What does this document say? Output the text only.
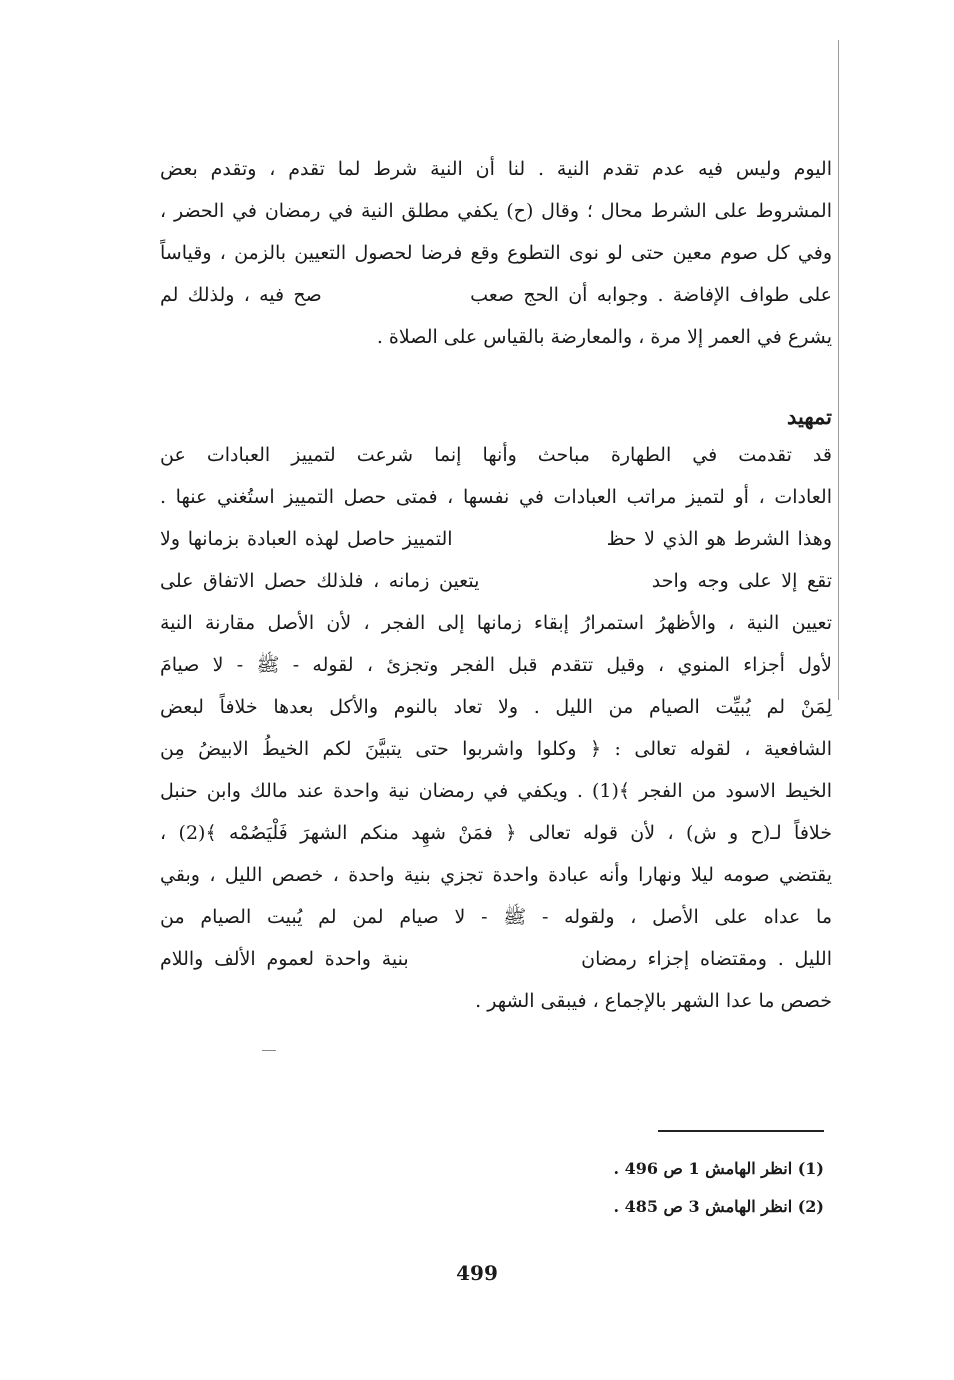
اليوم وليس فيه عدم تقدم النية . لنا أن النية شرط لما تقدم ، وتقدم بعض
المشروط على الشرط محال ؛ وقال (ح) يكفي مطلق النية في رمضان في الحضر ،
وفي كل صوم معين حتى لو نوى التطوع وقع فرضا لحصول التعيين بالزمن ، وقياساً
على طواف الإفاضة . وجوابه أن الحج صعب                صح فيه ، ولذلك لم
يشرع في العمر إلا مرة ، والمعارضة بالقياس على الصلاة .
تمهيد
قد تقدمت في الطهارة مباحث وأنها إنما شرعت لتمييز العبادات عن
العادات ، أو لتميز مراتب العبادات في نفسها ، فمتى حصل التمييز استُغني عنها .
وهذا الشرط هو الذي لا حظ                    التمييز حاصل لهذه العبادة بزمانها ولا
تقع إلا على وجه واحد                  يتعين زمانه ، فلذلك حصل الاتفاق على
تعيين النية ، والأظهرُ استمرارُ إبقاء زمانها إلى الفجر ، لأن الأصل مقارنة النية
لأول أجزاء المنوي ، وقيل تتقدم قبل الفجر وتجزئ ، لقوله - ﷺ - لا صيامَ
لِمَنْ لم يُبيِّت الصيام من الليل . ولا تعاد بالنوم والأكل بعدها خلافاً لبعض
الشافعية ، لقوله تعالى : ﴿ وكلوا واشربوا حتى يتبيَّنَ لكم الخيطُ الابيضُ مِن
الخيط الاسود من الفجر ﴾(1) . ويكفي في رمضان نية واحدة عند مالك وابن حنبل
خلافاً لـ(ح و ش) ، لأن قوله تعالى ﴿ فمَنْ شهِد منكم الشهرَ فَلْيَصُمْه ﴾(2) ،
يقتضي صومه ليلا ونهارا وأنه عبادة واحدة تجزي بنية واحدة ، خصص الليل ، وبقي
ما عداه على الأصل ، ولقوله - ﷺ - لا صيام لمن لم يُبيت الصيام من
الليل . ومقتضاه إجزاء رمضان                بنية واحدة لعموم الألف واللام
خصص ما عدا الشهر بالإجماع ، فيبقى الشهر .
(1) انظر الهامش 1 ص 496 .
(2) انظر الهامش 3 ص 485 .
499
